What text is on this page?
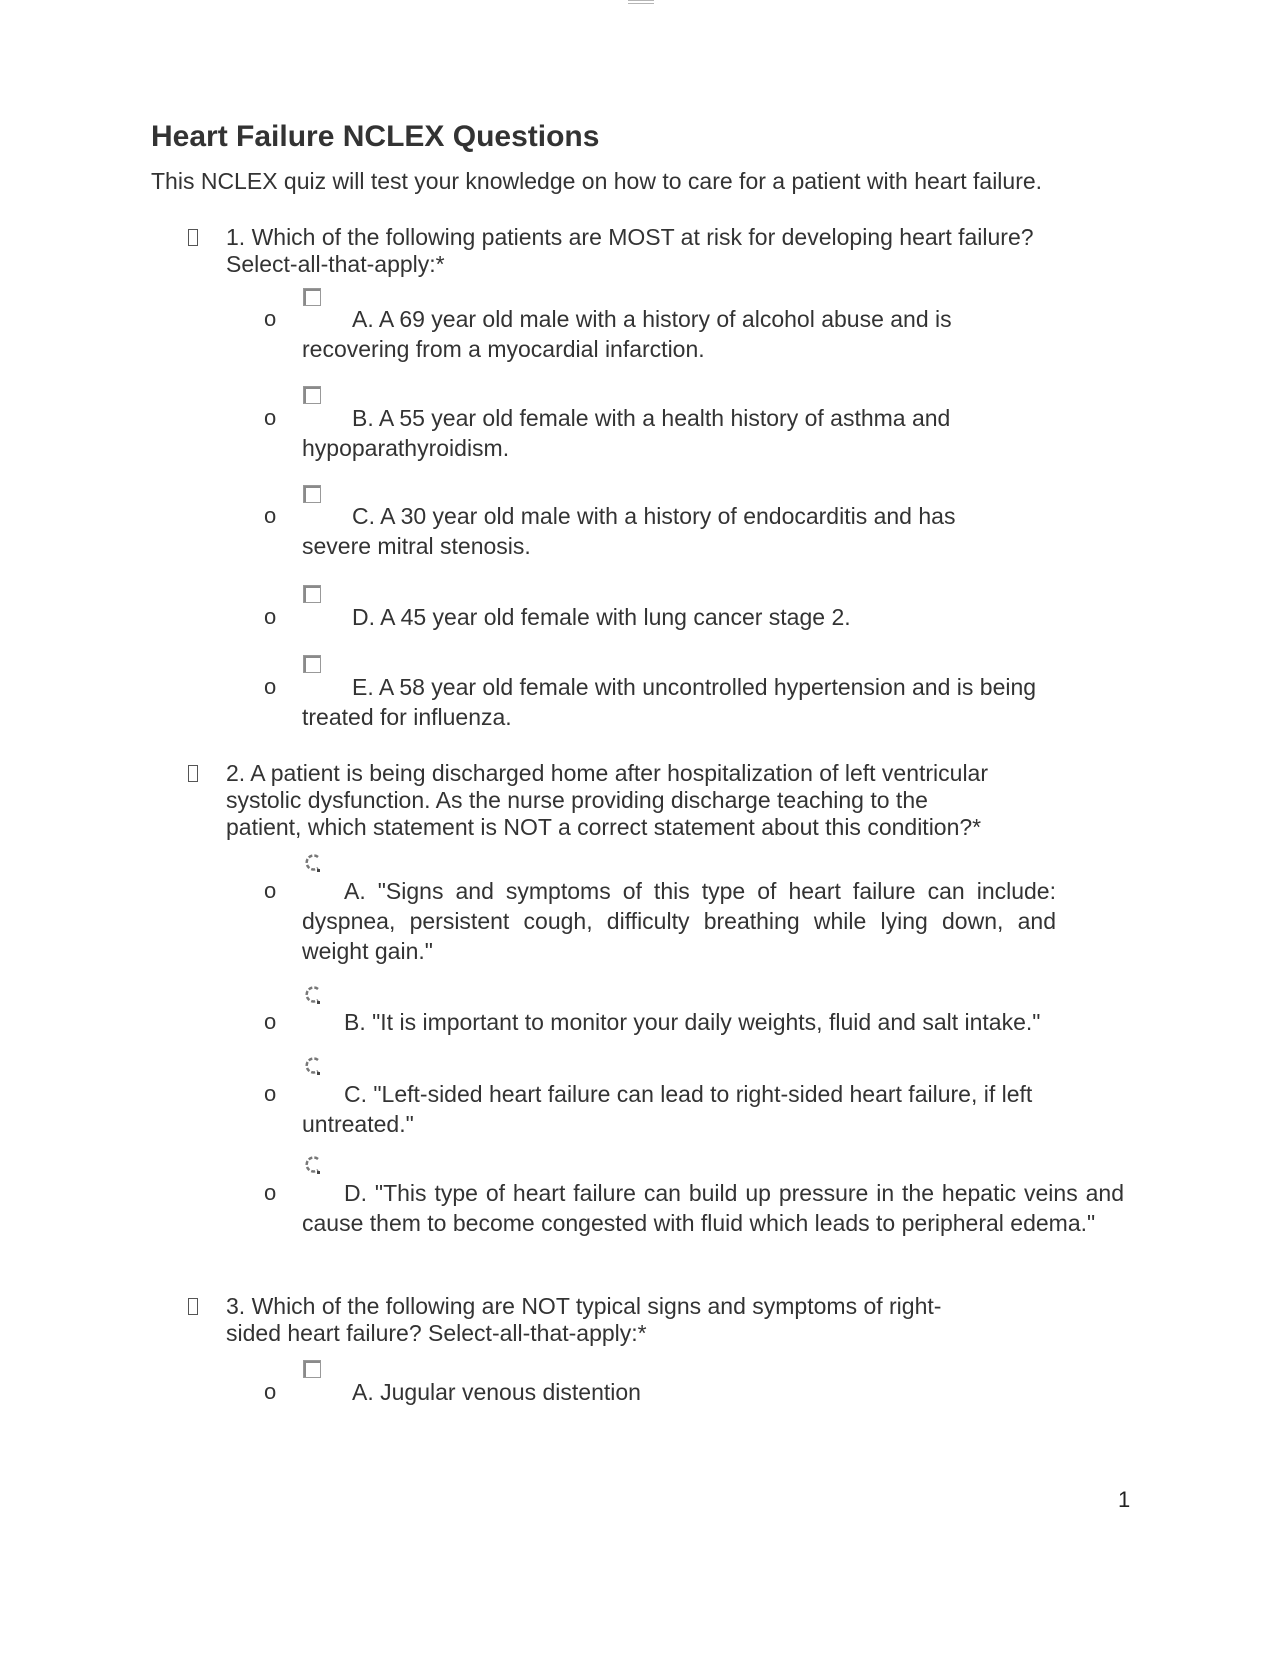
Heart Failure NCLEX Questions

This NCLEX quiz will test your knowledge on how to care for a patient with heart failure.

1. Which of the following patients are MOST at risk for developing heart failure?
Select-all-that-apply:*

o	A. A 69 year old male with a history of alcohol abuse and is recovering from a myocardial infarction.

o	B. A 55 year old female with a health history of asthma and hypoparathyroidism.

o	C. A 30 year old male with a history of endocarditis and has severe mitral stenosis.

o	D. A 45 year old female with lung cancer stage 2.

o	E. A 58 year old female with uncontrolled hypertension and is being treated for influenza.

2. A patient is being discharged home after hospitalization of left ventricular
systolic dysfunction. As the nurse providing discharge teaching to the
patient, which statement is NOT a correct statement about this condition?*

o	A. "Signs and symptoms of this type of heart failure can include: dyspnea, persistent cough, difficulty breathing while lying down, and weight gain."

o	B. "It is important to monitor your daily weights, fluid and salt intake."

o	C. "Left-sided heart failure can lead to right-sided heart failure, if left untreated."

o	D. "This type of heart failure can build up pressure in the hepatic veins and cause them to become congested with fluid which leads to peripheral edema."

3. Which of the following are NOT typical signs and symptoms of right-
sided heart failure? Select-all-that-apply:*

o	A. Jugular venous distention

1
